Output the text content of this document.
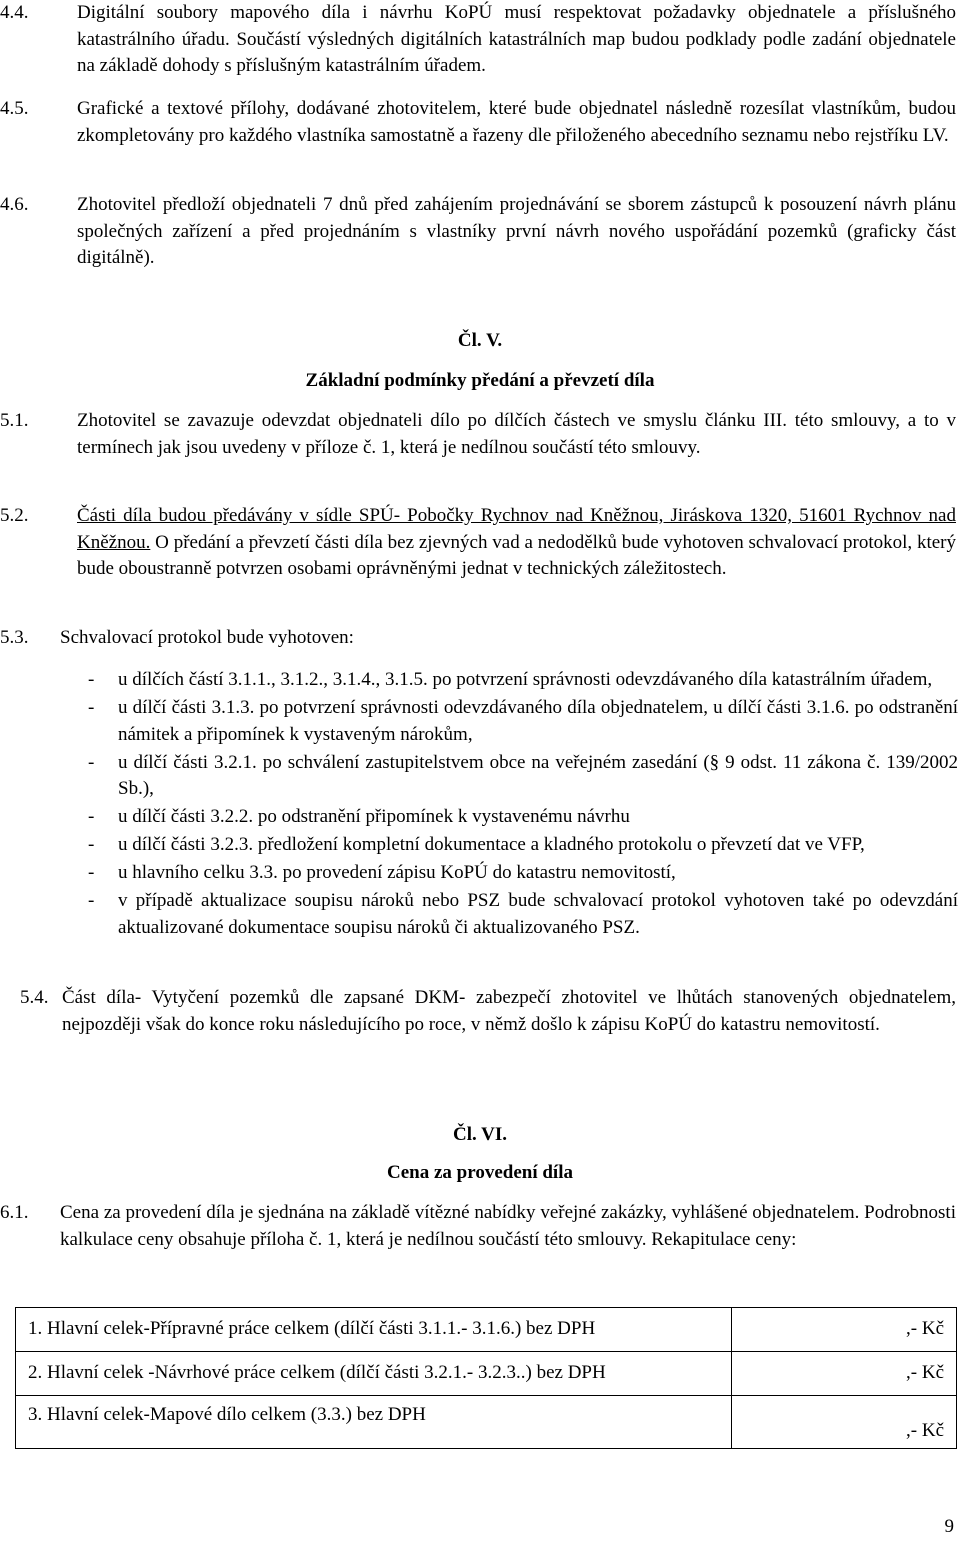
4.4.	Digitální soubory mapového díla i návrhu KoPÚ musí respektovat požadavky objednatele a příslušného katastrálního úřadu. Součástí výsledných digitálních katastrálních map budou podklady podle zadání objednatele na základě dohody s příslušným katastrálním úřadem.
4.5.	Grafické a textové přílohy, dodávané zhotovitelem, které bude objednatel následně rozesílat vlastníkům, budou zkompletovány pro každého vlastníka samostatně a řazeny dle přiloženého abecedního seznamu nebo rejstříku LV.
4.6.	Zhotovitel předloží objednateli 7 dnů před zahájením projednávání se sborem zástupců k posouzení návrh plánu společných zařízení a před projednáním s vlastníky první návrh nového uspořádání pozemků (graficky část digitálně).
Čl. V.
Základní podmínky předání a převzetí díla
5.1.	Zhotovitel se zavazuje odevzdat objednateli dílo po dílčích částech ve smyslu článku III. této smlouvy, a to v termínech jak jsou uvedeny v příloze č. 1, která je nedílnou součástí této smlouvy.
5.2.	Části díla budou předávány v sídle SPÚ- Pobočky Rychnov nad Kněžnou, Jiráskova 1320, 51601 Rychnov nad Kněžnou. O předání a převzetí části díla bez zjevných vad a nedodělků bude vyhotoven schvalovací protokol, který bude oboustranně potvrzen osobami oprávněnými jednat v technických záležitostech.
5.3. Schvalovací protokol bude vyhotoven:
- u dílčích částí 3.1.1., 3.1.2., 3.1.4., 3.1.5. po potvrzení správnosti odevzdávaného díla katastrálním úřadem,
- u dílčí části 3.1.3. po potvrzení správnosti odevzdávaného díla objednatelem, u dílčí části 3.1.6. po odstranění námitek a připomínek k vystaveným nárokům,
- u dílčí části 3.2.1. po schválení zastupitelstvem obce na veřejném zasedání (§ 9 odst. 11 zákona č. 139/2002 Sb.),
- u dílčí části 3.2.2. po odstranění připomínek k vystavenému návrhu
- u dílčí části 3.2.3. předložení kompletní dokumentace a kladného protokolu o převzetí dat ve VFP,
- u hlavního celku 3.3. po provedení zápisu KoPÚ do katastru nemovitostí,
- v případě aktualizace soupisu nároků nebo PSZ bude schvalovací protokol vyhotoven také po odevzdání aktualizované dokumentace soupisu nároků či aktualizovaného PSZ.
5.4. Část díla- Vytyčení pozemků dle zapsané DKM- zabezpečí zhotovitel ve lhůtách stanovených objednatelem, nejpozději však do konce roku následujícího po roce, v němž došlo k zápisu KoPÚ do katastru nemovitostí.
Čl. VI.
Cena za provedení díla
6.1. Cena za provedení díla je sjednána na základě vítězné nabídky veřejné zakázky, vyhlášené objednatelem. Podrobnosti kalkulace ceny obsahuje příloha č. 1, která je nedílnou součástí této smlouvy. Rekapitulace ceny:
1. Hlavní celek-Přípravné práce celkem (dílčí části 3.1.1.- 3.1.6.) bez DPH	,- Kč
2. Hlavní celek -Návrhové práce celkem (dílčí části 3.2.1.- 3.2.3..) bez DPH	,- Kč
3. Hlavní celek-Mapové dílo celkem (3.3.) bez DPH	,- Kč
9
